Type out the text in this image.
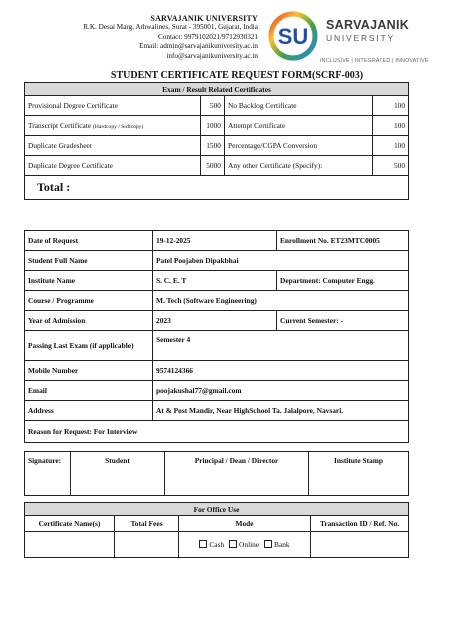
SARVAJANIK UNIVERSITY
R.K. Desai Marg, Athwalines, Surat - 395001, Gujarat, India
Contact: 9979102021/9712930321
Email: admin@sarvajanikuniversity.ac.in
info@sarvajanikuniversity.ac.in
SU SARVAJANIK
UNIVERSITY
INCLUSIVE | INTEGRATED | INNOVATIVE
STUDENT CERTIFICATE REQUEST FORM(SCRF-003)
Exam / Result Related Certificates			
Provisional Degree Certificate	500	No Backlog Certificate	100
Transcript Certificate (Hardcopy / Softcopy)	1000	Attempt Certificate	100
Duplicate Gradesheet	1500	Percentage/CGPA Conversion	100
Duplicate Degree Certificate	5000	Any other Certificate (Specify):	500
Total :			
Date of Request	19-12-2025	Enrollment No. ET23MTC0005
Student Full Name	Patel Poojaben Dipakbhai	
Institute Name	S. C. E. T	Department: Computer Engg.
Course / Programme	M. Tech (Software Engineering)	
Year of Admission	2023	Current Semester: -
Passing Last Exam (if applicable)	Semester 4	
Mobile Number	9574124366	
Email	poojakushal77@gmail.com	
Address	At & Post Mandir, Near HighSchool Ta. Jalalpore, Navsari.	
Reason for Request: For Interview		
Signature:	Student	Principal / Dean / Director	Institute Stamp
For Office Use			
Certificate Name(s)	Total Fees	Mode	Transaction ID / Ref. No.
		Cash Online Bank	
